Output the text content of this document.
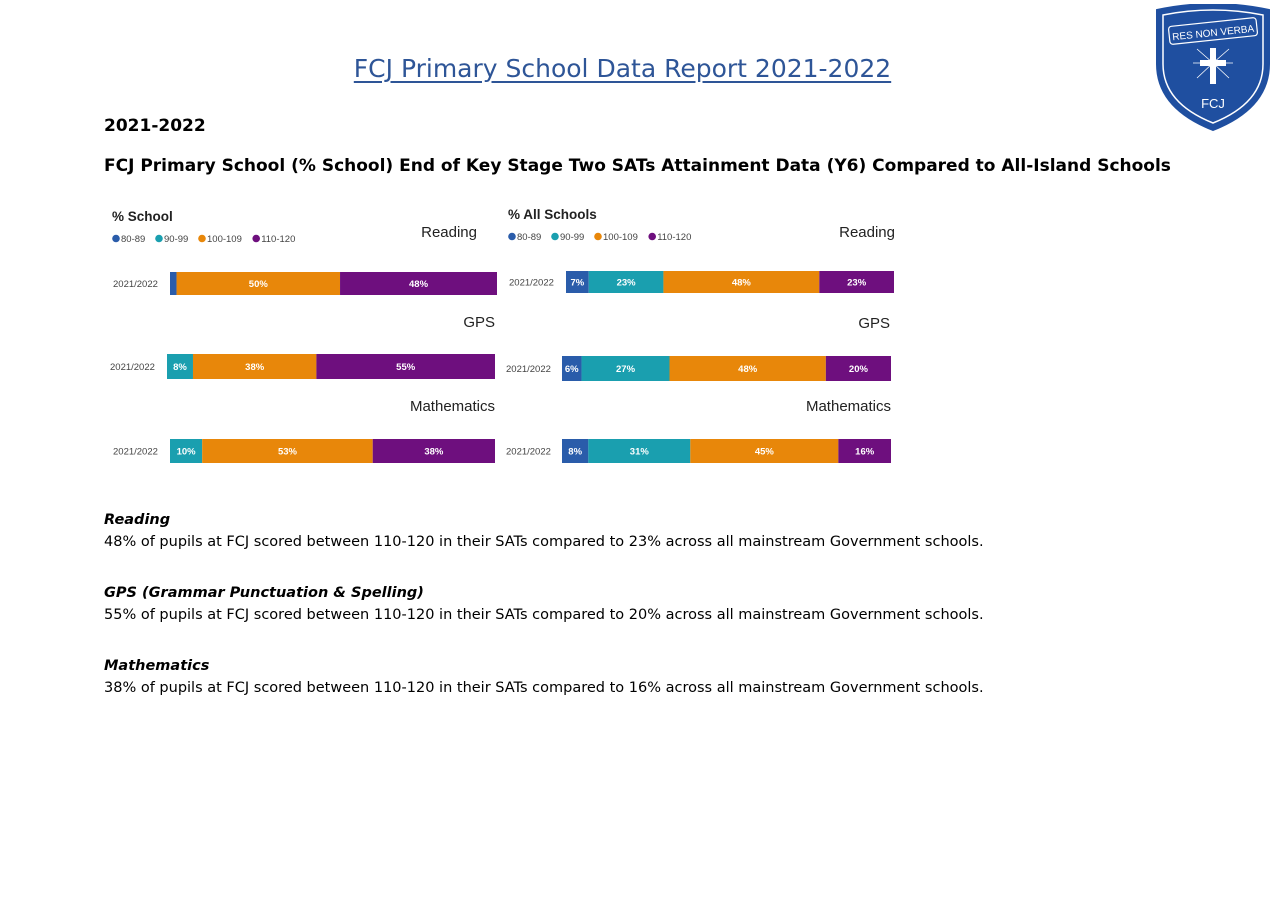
FCJ Primary School Data Report 2021-2022
RES NON VERBA
FCJ
2021-2022
FCJ Primary School (% School) End of Key Stage Two SATs Attainment Data (Y6) Compared to All-Island Schools
% School
80-89 90-99 100-109 110-120	Reading
2021/2022	50%	48%
GPS
2021/2022 8%	38%	55%
Mathematics
2021/2022 10%	53%	38%
% All Schools
80-89 90-99 100-109 110-120	Reading
2021/2022 7%	23%	48%	23%
GPS
2021/2022 6%	27%	48%	20%
Mathematics
2021/2022 8%	31%	45%	16%

Reading
48% of pupils at FCJ scored between 110-120 in their SATs compared to 23% across all mainstream Government schools.

GPS (Grammar Punctuation & Spelling)
55% of pupils at FCJ scored between 110-120 in their SATs compared to 20% across all mainstream Government schools.

Mathematics
38% of pupils at FCJ scored between 110-120 in their SATs compared to 16% across all mainstream Government schools.
